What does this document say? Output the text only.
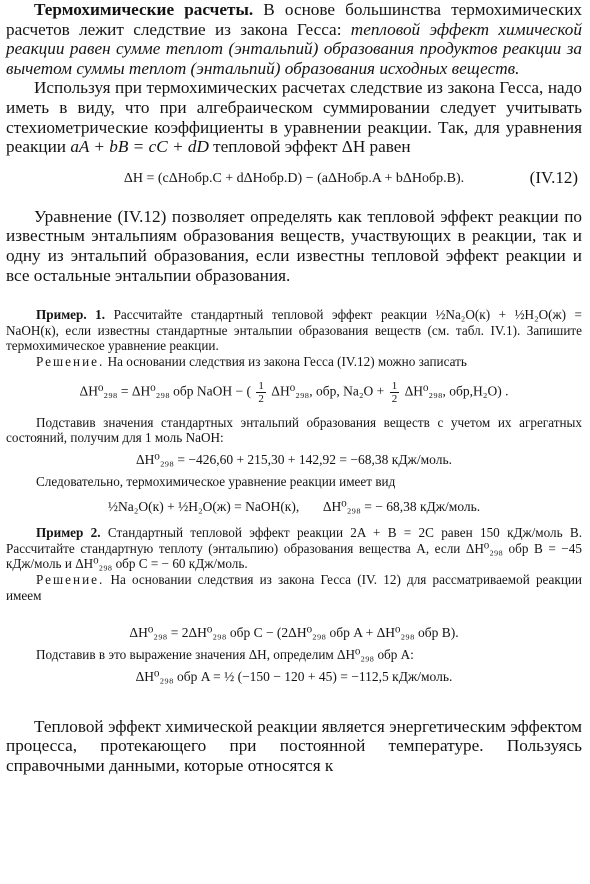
Термохимические расчеты. В основе большинства термохимических расчетов лежит следствие из закона Гесса: тепловой эффект химической реакции равен сумме теплот (энтальпий) образования продуктов реакции за вычетом суммы теплот (энтальпий) образования исходных веществ.

Используя при термохимических расчетах следствие из закона Гесса, надо иметь в виду, что при алгебраическом суммировании следует учитывать стехиометрические коэффициенты в уравнении реакции. Так, для уравнения реакции aA + bB = cC + dD тепловой эффект ΔH равен

ΔH = (cΔHобр.C + dΔHобр.D) − (aΔHобр.A + bΔHобр.B).	(IV.12)

Уравнение (IV.12) позволяет определять как тепловой эффект реакции по известным энтальпиям образования веществ, участвующих в реакции, так и одну из энтальпий образования, если известны тепловой эффект реакции и все остальные энтальпии образования.

Пример. 1. Рассчитайте стандартный тепловой эффект реакции ½Na₂O(к) + ½H₂O(ж) = NaOH(к), если известны стандартные энтальпии образования веществ (см. табл. IV.1). Запишите термохимическое уравнение реакции.

Решение. На основании следствия из закона Гесса (IV.12) можно записать

ΔH⁰₂₉₈ = ΔH⁰₂₉₈ обр NaOH − ( $\frac{1}{2} \Delta H^0_{298}$, обр, $Na_2O + \frac{1}{2} \Delta H^0_{298}$, обр,H₂O) .

Подставив значения стандартных энтальпий образования веществ с учетом их агрегатных состояний, получим для 1 моль NaOH:

ΔH⁰₂₉₈ = −426,60 + 215,30 + 142,92 = −68,38 кДж/моль.

Следовательно, термохимическое уравнение реакции имеет вид

½Na₂O(к) + ½H₂O(ж) = NaOH(к), ΔH⁰₂₉₈ = − 68,38 кДж/моль.

Пример 2. Стандартный тепловой эффект реакции 2A + B = 2C равен 150 кДж/моль B. Рассчитайте стандартную теплоту (энтальпию) образования вещества A, если ΔH⁰₂₉₈ обр B = −45 кДж/моль и ΔH⁰₂₉₈ обр C = − 60 кДж/моль.

Решение. На основании следствия из закона Гесса (IV. 12) для рассматриваемой реакции имеем

ΔH⁰₂₉₈ = 2ΔH⁰₂₉₈ обр C − (2ΔH⁰₂₉₈ обр A + ΔH⁰₂₉₈ обр B).

Подставив в это выражение значения ΔH, определим ΔH⁰₂₉₈ обр A:

ΔH⁰₂₉₈ обр A = ½ (−150 − 120 + 45) = −112,5 кДж/моль.

Тепловой эффект химической реакции является энергетическим эффектом процесса, протекающего при постоянной температуре. Пользуясь справочными данными, которые относятся к
